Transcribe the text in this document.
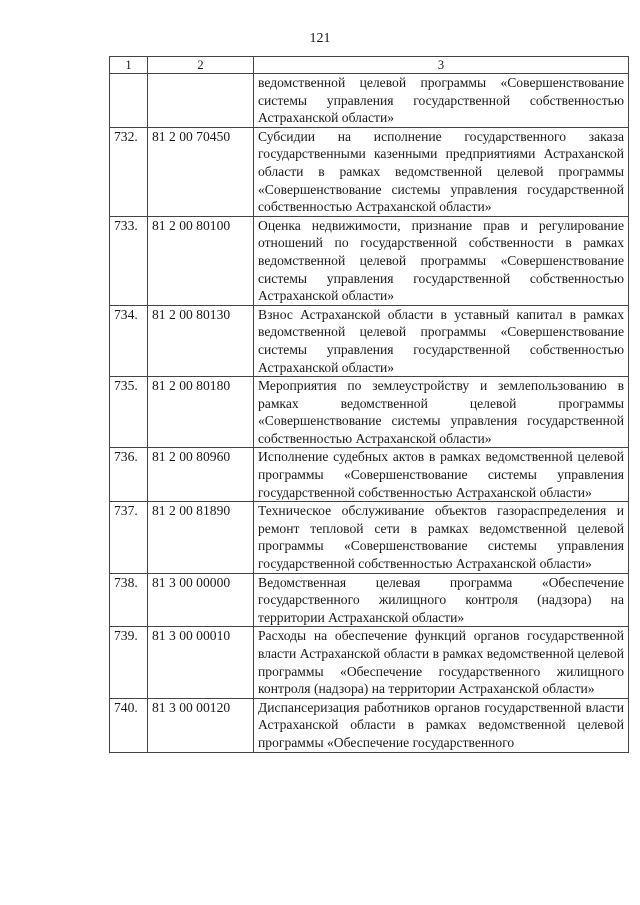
121
1	2	3
		ведомственной целевой программы «Совершенствование системы управления государственной собственностью Астраханской области»
732.	81 2 00 70450	Субсидии на исполнение государственного заказа государственными казенными предприятиями Астраханской области в рамках ведомственной целевой программы «Совершенствование системы управления государственной собственностью Астраханской области»
733.	81 2 00 80100	Оценка недвижимости, признание прав и регулирование отношений по государственной собственности в рамках ведомственной целевой программы «Совершенствование системы управления государственной собственностью Астраханской области»
734.	81 2 00 80130	Взнос Астраханской области в уставный капитал в рамках ведомственной целевой программы «Совершенствование системы управления государственной собственностью Астраханской области»
735.	81 2 00 80180	Мероприятия по землеустройству и землепользованию в рамках ведомственной целевой программы «Совершенствование системы управления государственной собственностью Астраханской области»
736.	81 2 00 80960	Исполнение судебных актов в рамках ведомственной целевой программы «Совершенствование системы управления государственной собственностью Астраханской области»
737.	81 2 00 81890	Техническое обслуживание объектов газораспределения и ремонт тепловой сети в рамках ведомственной целевой программы «Совершенствование системы управления государственной собственностью Астраханской области»
738.	81 3 00 00000	Ведомственная целевая программа «Обеспечение государственного жилищного контроля (надзора) на территории Астраханской области»
739.	81 3 00 00010	Расходы на обеспечение функций органов государственной власти Астраханской области в рамках ведомственной целевой программы «Обеспечение государственного жилищного контроля (надзора) на территории Астраханской области»
740.	81 3 00 00120	Диспансеризация работников органов государственной власти Астраханской области в рамках ведомственной целевой программы «Обеспечение государственного
